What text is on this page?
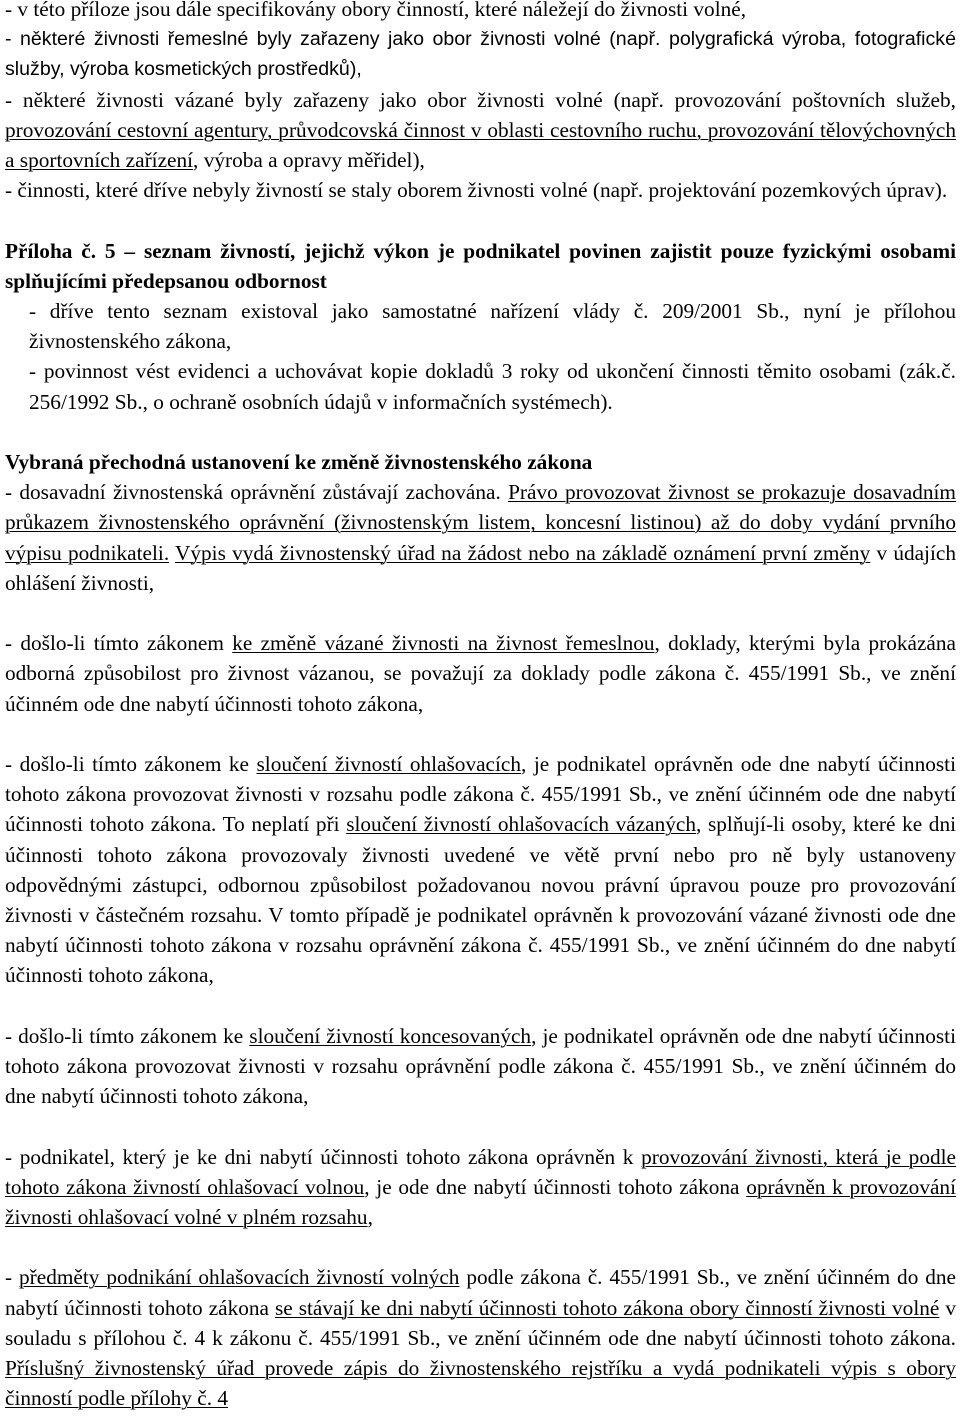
- v této příloze jsou dále specifikovány obory činností, které náležejí do živnosti volné,

- některé živnosti řemeslné byly zařazeny jako obor živnosti volné (např. polygrafická výroba, fotografické služby, výroba kosmetických prostředků),

- některé živnosti vázané byly zařazeny jako obor živnosti volné (např. provozování poštovních služeb, provozování cestovní agentury, průvodcovská činnost v oblasti cestovního ruchu, provozování tělovýchovných a sportovních zařízení, výroba a opravy měřidel),

- činnosti, které dříve nebyly živností se staly oborem živnosti volné (např. projektování pozemkových úprav).

Příloha č. 5 – seznam živností, jejichž výkon je podnikatel povinen zajistit pouze fyzickými osobami splňujícími předepsanou odbornost

- dříve tento seznam existoval jako samostatné nařízení vlády č. 209/2001 Sb., nyní je přílohou živnostenského zákona,

- povinnost vést evidenci a uchovávat kopie dokladů 3 roky od ukončení činnosti těmito osobami (zák.č. 256/1992 Sb., o ochraně osobních údajů v informačních systémech).

Vybraná přechodná ustanovení ke změně živnostenského zákona

- dosavadní živnostenská oprávnění zůstávají zachována. Právo provozovat živnost se prokazuje dosavadním průkazem živnostenského oprávnění (živnostenským listem, koncesní listinou) až do doby vydání prvního výpisu podnikateli. Výpis vydá živnostenský úřad na žádost nebo na základě oznámení první změny v údajích ohlášení živnosti,

- došlo-li tímto zákonem ke změně vázané živnosti na živnost řemeslnou, doklady, kterými byla prokázána odborná způsobilost pro živnost vázanou, se považují za doklady podle zákona č. 455/1991 Sb., ve znění účinném ode dne nabytí účinnosti tohoto zákona,

- došlo-li tímto zákonem ke sloučení živností ohlašovacích, je podnikatel oprávněn ode dne nabytí účinnosti tohoto zákona provozovat živnosti v rozsahu podle zákona č. 455/1991 Sb., ve znění účinném ode dne nabytí účinnosti tohoto zákona. To neplatí při sloučení živností ohlašovacích vázaných, splňují-li osoby, které ke dni účinnosti tohoto zákona provozovaly živnosti uvedené ve větě první nebo pro ně byly ustanoveny odpovědnými zástupci, odbornou způsobilost požadovanou novou právní úpravou pouze pro provozování živnosti v částečném rozsahu. V tomto případě je podnikatel oprávněn k provozování vázané živnosti ode dne nabytí účinnosti tohoto zákona v rozsahu oprávnění zákona č. 455/1991 Sb., ve znění účinném do dne nabytí účinnosti tohoto zákona,

- došlo-li tímto zákonem ke sloučení živností koncesovaných, je podnikatel oprávněn ode dne nabytí účinnosti tohoto zákona provozovat živnosti v rozsahu oprávnění podle zákona č. 455/1991 Sb., ve znění účinném do dne nabytí účinnosti tohoto zákona,

- podnikatel, který je ke dni nabytí účinnosti tohoto zákona oprávněn k provozování živnosti, která je podle tohoto zákona živností ohlašovací volnou, je ode dne nabytí účinnosti tohoto zákona oprávněn k provozování živnosti ohlašovací volné v plném rozsahu,

- předměty podnikání ohlašovacích živností volných podle zákona č. 455/1991 Sb., ve znění účinném do dne nabytí účinnosti tohoto zákona se stávají ke dni nabytí účinnosti tohoto zákona obory činností živnosti volné v souladu s přílohou č. 4 k zákonu č. 455/1991 Sb., ve znění účinném ode dne nabytí účinnosti tohoto zákona. Příslušný živnostenský úřad provede zápis do živnostenského rejstříku a vydá podnikateli výpis s obory činností podle přílohy č. 4
